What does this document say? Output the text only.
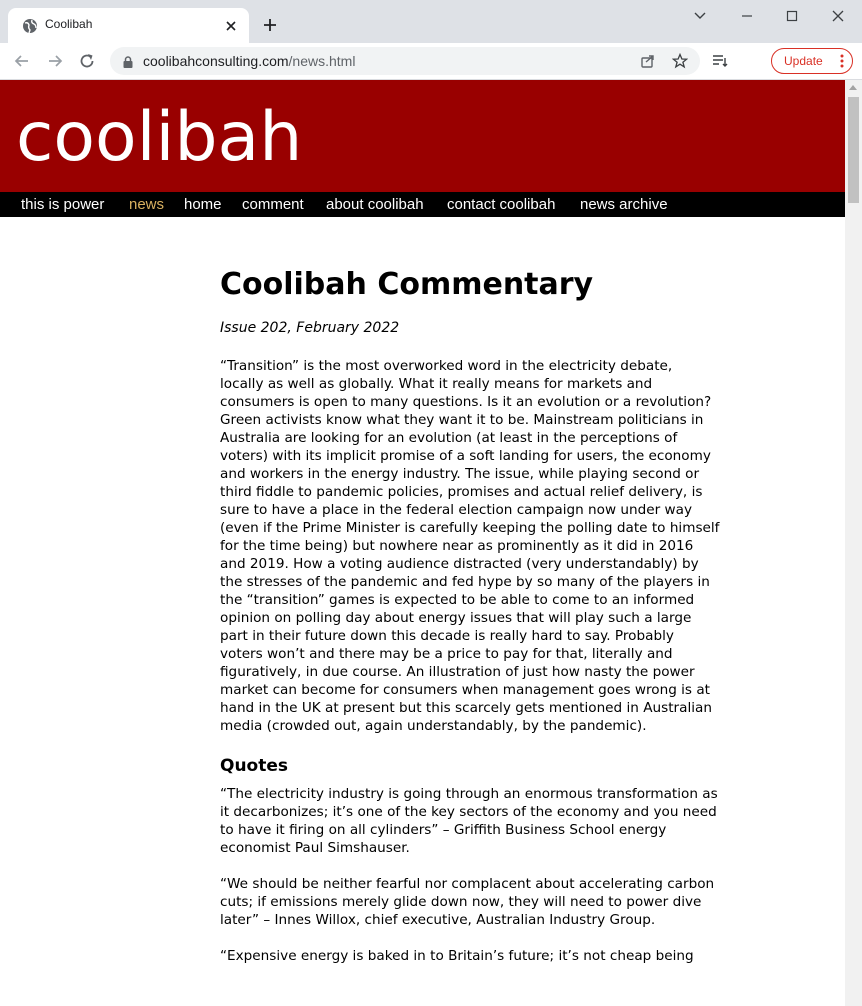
Coolibah
coolibahconsulting.com/news.html	Update
coolibah
this is power news home comment about coolibah contact coolibah news archive
Coolibah Commentary

Issue 202, February 2022

“Transition” is the most overworked word in the electricity debate, locally as well as globally. What it really means for markets and consumers is open to many questions. Is it an evolution or a revolution? Green activists know what they want it to be. Mainstream politicians in Australia are looking for an evolution (at least in the perceptions of voters) with its implicit promise of a soft landing for users, the economy and workers in the energy industry. The issue, while playing second or third fiddle to pandemic policies, promises and actual relief delivery, is sure to have a place in the federal election campaign now under way (even if the Prime Minister is carefully keeping the polling date to himself for the time being) but nowhere near as prominently as it did in 2016 and 2019. How a voting audience distracted (very understandably) by the stresses of the pandemic and fed hype by so many of the players in the “transition” games is expected to be able to come to an informed opinion on polling day about energy issues that will play such a large part in their future down this decade is really hard to say. Probably voters won’t and there may be a price to pay for that, literally and figuratively, in due course. An illustration of just how nasty the power market can become for consumers when management goes wrong is at hand in the UK at present but this scarcely gets mentioned in Australian media (crowded out, again understandably, by the pandemic).

Quotes

“The electricity industry is going through an enormous transformation as it decarbonizes; it’s one of the key sectors of the economy and you need to have it firing on all cylinders” – Griffith Business School energy economist Paul Simshauser.

“We should be neither fearful nor complacent about accelerating carbon cuts; if emissions merely glide down now, they will need to power dive later” – Innes Willox, chief executive, Australian Industry Group.

“Expensive energy is baked in to Britain’s future; it’s not cheap being
